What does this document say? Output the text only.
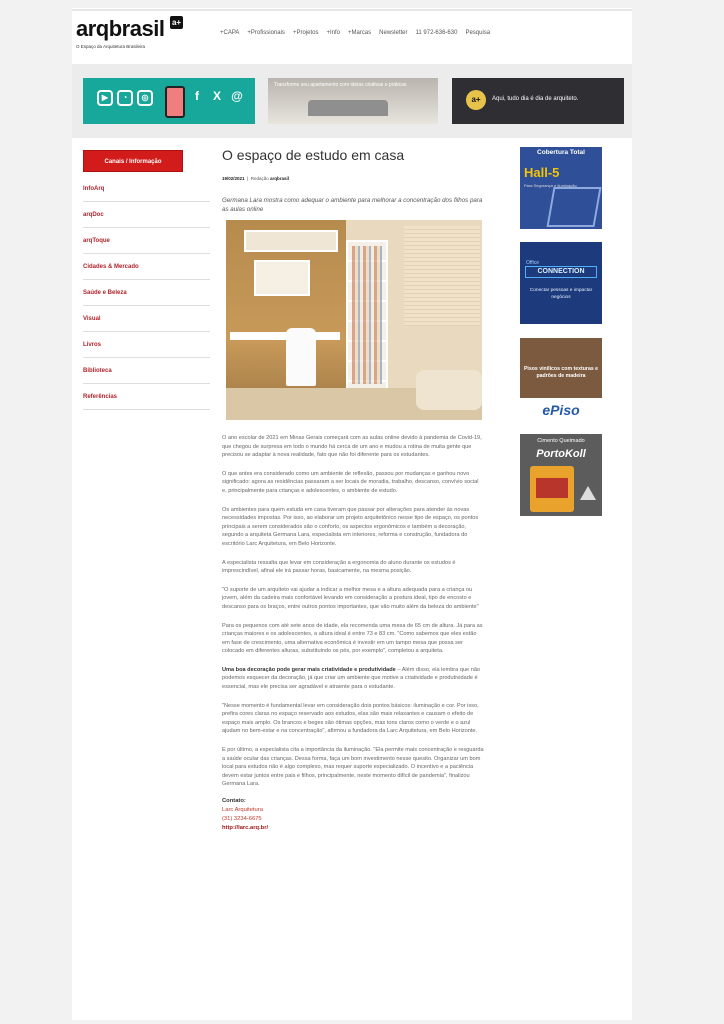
arqbrasil a+
O Espaço da Arquitetura Brasileira
+CAPA +Profissionais +Projetos +Info +Marcas Newsletter 11 972-636-630 Pesquisa
▶	◔	◎	f	X @
Transforme seu apartamento com ideias criativas e práticas
a+	Aqui, tudo dia é dia de arquiteto.
Canais / Informação
InfoArq
arqDoc
arqToque
Cidades & Mercado
Saúde e Beleza
Visual
Livros
Biblioteca
Referências
O espaço de estudo em casa
19/02/2021  |  Redação arqbrasil
Germana Lara mostra como adequar o ambiente para melhorar a concentração dos filhos para as aulas online

O ano escolar de 2021 em Minas Gerais começará com as aulas online devido à pandemia de Covid-19, que chegou de surpresa em todo o mundo há cerca de um ano e mudou a rotina de muita gente que precisou se adaptar à nova realidade, fato que não foi diferente para os estudantes.

O que antes era considerado como um ambiente de reflexão, passou por mudanças e ganhou novo significado: agora as residências passaram a ser locais de moradia, trabalho, descanso, convívio social e, principalmente para crianças e adolescentes, o ambiente de estudo.

Os ambientes para quem estuda em casa tiveram que passar por alterações para atender às novas necessidades impostas. Por isso, ao elaborar um projeto arquitetônico nesse tipo de espaço, os pontos principais a serem considerados são o conforto, os aspectos ergonômicos e também a decoração, segundo a arquiteta Germana Lara, especialista em interiores, reforma e construção, fundadora do escritório Larc Arquitetura, em Belo Horizonte.

A especialista ressalta que levar em consideração a ergonomia do aluno durante os estudos é imprescindível, afinal ele irá passar horas, basicamente, na mesma posição.

"O suporte de um arquiteto vai ajudar a indicar a melhor mesa e a altura adequada para a criança ou jovem, além da cadeira mais confortável levando em consideração a postura ideal, tipo de encosto e descanso para os braços, entre outros pontos importantes, que vão muito além da beleza do ambiente"

Para os pequenos com até sete anos de idade, ela recomenda uma mesa de 65 cm de altura. Já para as crianças maiores e os adolescentes, a altura ideal é entre 73 e 83 cm. "Como sabemos que eles estão em fase de crescimento, uma alternativa econômica é investir em um tampo mesa que possa ser colocado em diferentes alturas, substituindo os pés, por exemplo", completou a arquiteta.

Uma boa decoração pode gerar mais criatividade e produtividade – Além disso, ela lembra que não podemos esquecer da decoração, já que criar um ambiente que motive a criatividade e produtividade é essencial, mas ele precisa ser agradável e atraente para o estudante.

"Nesse momento é fundamental levar em consideração dois pontos básicos: iluminação e cor. Por isso, prefira cores claras no espaço reservado aos estudos, elas são mais relaxantes e causam o efeito de espaço mais amplo. Os brancos e beges são ótimas opções, mas tons claros como o verde e o azul ajudam no bem-estar e na concentração", afirmou a fundadora da Larc Arquitetura, em Belo Horizonte.

E por último, a especialista cita a importância da iluminação. "Ela permite mais concentração e resguarda a saúde ocular das crianças. Dessa forma, faça um bom investimento nesse quesito. Organizar um bom local para estudos não é algo complexo, mas requer suporte especializado. O incentivo e a paciência devem estar juntos entre pais e filhos, principalmente, neste momento difícil de pandemia", finalizou Germana Lara.

Contato:
Larc Arquitetura
(31) 3234-6675
http://larc.arq.br/
Cobertura Total
Hall-5
Para Segurança e Iluminação
Office
CONNECTION
Conectar pessoas e impactar negócios
Pisos vinílicos com texturas e padrões de madeira
ePiso
Cimento Queimado
PortoKoll
